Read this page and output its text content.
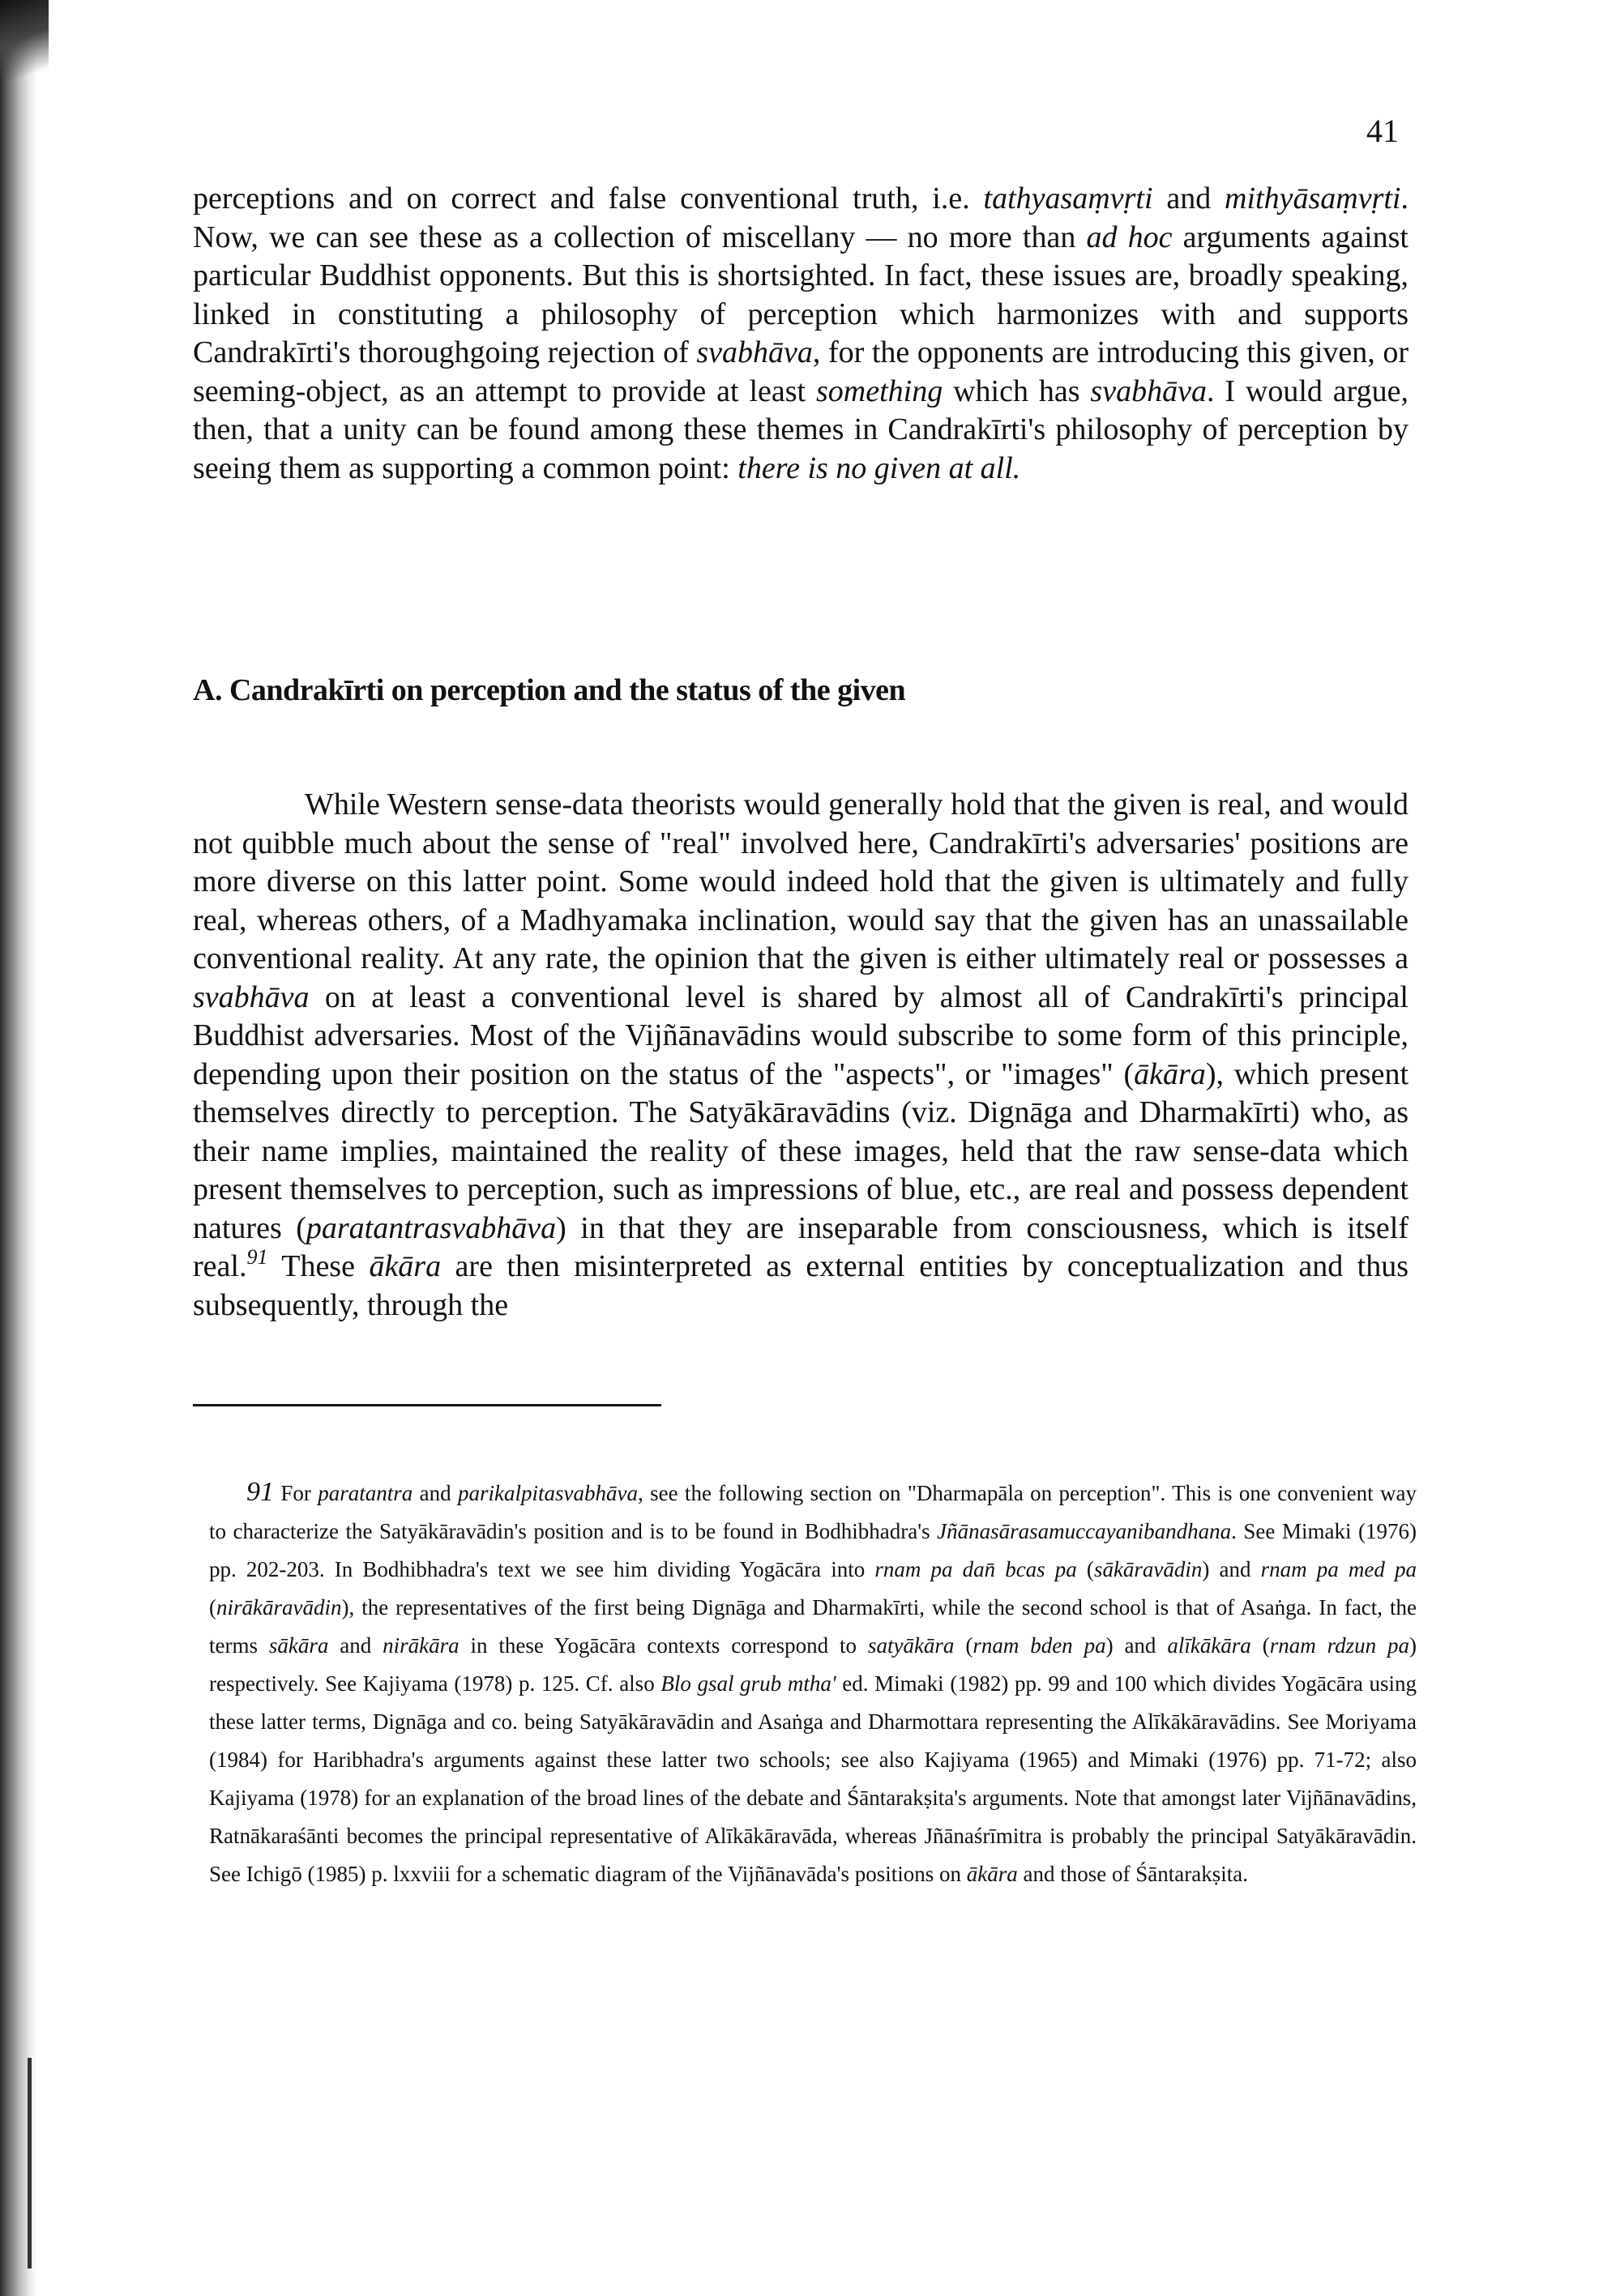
41

perceptions and on correct and false conventional truth, i.e. tathyasaṃvṛti and mithyāsaṃvṛti. Now, we can see these as a collection of miscellany — no more than ad hoc arguments against particular Buddhist opponents. But this is shortsighted. In fact, these issues are, broadly speaking, linked in constituting a philosophy of perception which harmonizes with and supports Candrakīrti's thoroughgoing rejection of svabhāva, for the opponents are introducing this given, or seeming-object, as an attempt to provide at least something which has svabhāva. I would argue, then, that a unity can be found among these themes in Candrakīrti's philosophy of perception by seeing them as supporting a common point: there is no given at all.

A. Candrakīrti on perception and the status of the given

While Western sense-data theorists would generally hold that the given is real, and would not quibble much about the sense of "real" involved here, Candrakīrti's adversaries' positions are more diverse on this latter point. Some would indeed hold that the given is ultimately and fully real, whereas others, of a Madhyamaka inclination, would say that the given has an unassailable conventional reality. At any rate, the opinion that the given is either ultimately real or possesses a svabhāva on at least a conventional level is shared by almost all of Candrakīrti's principal Buddhist adversaries. Most of the Vijñānavādins would subscribe to some form of this principle, depending upon their position on the status of the "aspects", or "images" (ākāra), which present themselves directly to perception. The Satyākāravādins (viz. Dignāga and Dharmakīrti) who, as their name implies, maintained the reality of these images, held that the raw sense-data which present themselves to perception, such as impressions of blue, etc., are real and possess dependent natures (paratantrasvabhāva) in that they are inseparable from consciousness, which is itself real.$^{91}$ These ākāra are then misinterpreted as external entities by conceptualization and thus subsequently, through the

91 For paratantra and parikalpitasvabhāva, see the following section on "Dharmapāla on perception". This is one convenient way to characterize the Satyākāravādin's position and is to be found in Bodhibhadra's Jñānasārasamuccayanibandhana. See Mimaki (1976) pp. 202-203. In Bodhibhadra's text we see him dividing Yogācāra into rnam pa dan̄ bcas pa (sākāravādin) and rnam pa med pa (nirākāravādin), the representatives of the first being Dignāga and Dharmakīrti, while the second school is that of Asaṅga. In fact, the terms sākāra and nirākāra in these Yogācāra contexts correspond to satyākāra (rnam bden pa) and alīkākāra (rnam rdzun pa) respectively. See Kajiyama (1978) p. 125. Cf. also Blo gsal grub mtha' ed. Mimaki (1982) pp. 99 and 100 which divides Yogācāra using these latter terms, Dignāga and co. being Satyākāravādin and Asaṅga and Dharmottara representing the Alīkākāravādins. See Moriyama (1984) for Haribhadra's arguments against these latter two schools; see also Kajiyama (1965) and Mimaki (1976) pp. 71-72; also Kajiyama (1978) for an explanation of the broad lines of the debate and Śāntarakṣita's arguments. Note that amongst later Vijñānavādins, Ratnākaraśānti becomes the principal representative of Alīkākāravāda, whereas Jñānaśrīmitra is probably the principal Satyākāravādin. See Ichigō (1985) p. lxxviii for a schematic diagram of the Vijñānavāda's positions on ākāra and those of Śāntarakṣita.
